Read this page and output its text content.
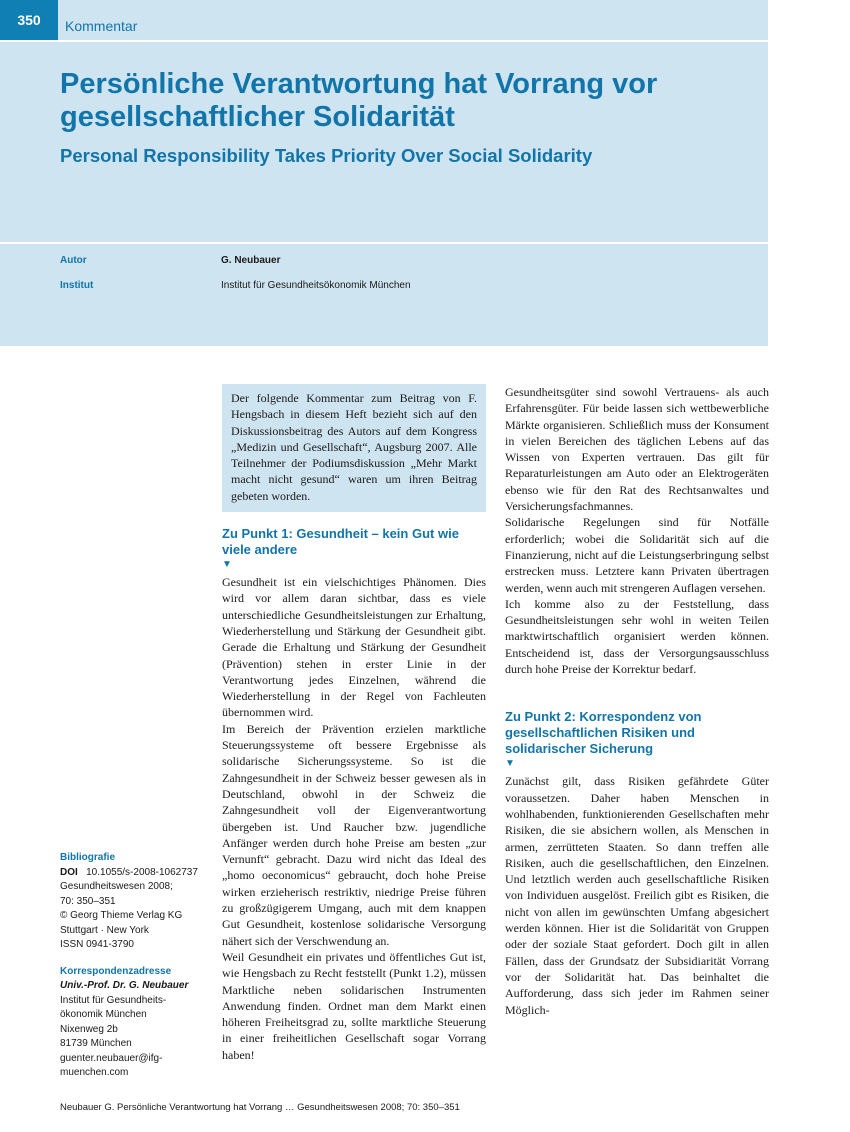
350	Kommentar
Persönliche Verantwortung hat Vorrang vor gesellschaftlicher Solidarität
Personal Responsibility Takes Priority Over Social Solidarity
Autor	G. Neubauer
Institut	Institut für Gesundheitsökonomik München
Bibliografie
DOI 10.1055/s-2008-1062737
Gesundheitswesen 2008;
70: 350–351
© Georg Thieme Verlag KG
Stuttgart · New York
ISSN 0941-3790
Korrespondenzadresse
Univ.-Prof. Dr. G. Neubauer
Institut für Gesundheits-
ökonomik München
Nixenweg 2b
81739 München
guenter.neubauer@ifg-
muenchen.com

Der folgende Kommentar zum Beitrag von F. Hengsbach in diesem Heft bezieht sich auf den Diskussionsbeitrag des Autors auf dem Kongress „Medizin und Gesellschaft“, Augsburg 2007. Alle Teilnehmer der Podiumsdiskussion „Mehr Markt macht nicht gesund“ waren um ihren Beitrag gebeten worden.

Zu Punkt 1: Gesundheit – kein Gut wie viele andere
▼

Gesundheit ist ein vielschichtiges Phänomen. Dies wird vor allem daran sichtbar, dass es viele unterschiedliche Gesundheitsleistungen zur Erhaltung, Wiederherstellung und Stärkung der Gesundheit gibt. Gerade die Erhaltung und Stärkung der Gesundheit (Prävention) stehen in erster Linie in der Verantwortung jedes Einzelnen, während die Wiederherstellung in der Regel von Fachleuten übernommen wird.

Im Bereich der Prävention erzielen marktliche Steuerungssysteme oft bessere Ergebnisse als solidarische Sicherungssysteme. So ist die Zahngesundheit in der Schweiz besser gewesen als in Deutschland, obwohl in der Schweiz die Zahngesundheit voll der Eigenverantwortung übergeben ist. Und Raucher bzw. jugendliche Anfänger werden durch hohe Preise am besten „zur Vernunft“ gebracht. Dazu wird nicht das Ideal des „homo oeconomicus“ gebraucht, doch hohe Preise wirken erzieherisch restriktiv, niedrige Preise führen zu großzügigerem Umgang, auch mit dem knappen Gut Gesundheit, kostenlose solidarische Versorgung nähert sich der Verschwendung an.

Weil Gesundheit ein privates und öffentliches Gut ist, wie Hengsbach zu Recht feststellt (Punkt 1.2), müssen Marktliche neben solidarischen Instrumenten Anwendung finden. Ordnet man dem Markt einen höheren Freiheitsgrad zu, sollte marktliche Steuerung in einer freiheitlichen Gesellschaft sogar Vorrang haben!

Gesundheitsgüter sind sowohl Vertrauens- als auch Erfahrensgüter. Für beide lassen sich wettbewerbliche Märkte organisieren. Schließlich muss der Konsument in vielen Bereichen des täglichen Lebens auf das Wissen von Experten vertrauen. Das gilt für Reparaturleistungen am Auto oder an Elektrogeräten ebenso wie für den Rat des Rechtsanwaltes und Versicherungsfachmannes.

Solidarische Regelungen sind für Notfälle erforderlich; wobei die Solidarität sich auf die Finanzierung, nicht auf die Leistungserbringung selbst erstrecken muss. Letztere kann Privaten übertragen werden, wenn auch mit strengeren Auflagen versehen.

Ich komme also zu der Feststellung, dass Gesundheitsleistungen sehr wohl in weiten Teilen marktwirtschaftlich organisiert werden können. Entscheidend ist, dass der Versorgungsausschluss durch hohe Preise der Korrektur bedarf.

Zu Punkt 2: Korrespondenz von gesellschaftlichen Risiken und solidarischer Sicherung
▼

Zunächst gilt, dass Risiken gefährdete Güter voraussetzen. Daher haben Menschen in wohlhabenden, funktionierenden Gesellschaften mehr Risiken, die sie absichern wollen, als Menschen in armen, zerrütteten Staaten. So dann treffen alle Risiken, auch die gesellschaftlichen, den Einzelnen. Und letztlich werden auch gesellschaftliche Risiken von Individuen ausgelöst. Freilich gibt es Risiken, die nicht von allen im gewünschten Umfang abgesichert werden können. Hier ist die Solidarität von Gruppen oder der soziale Staat gefordert. Doch gilt in allen Fällen, dass der Grundsatz der Subsidiarität Vorrang vor der Solidarität hat. Das beinhaltet die Aufforderung, dass sich jeder im Rahmen seiner Möglich-

Neubauer G. Persönliche Verantwortung hat Vorrang … Gesundheitswesen 2008; 70: 350–351
